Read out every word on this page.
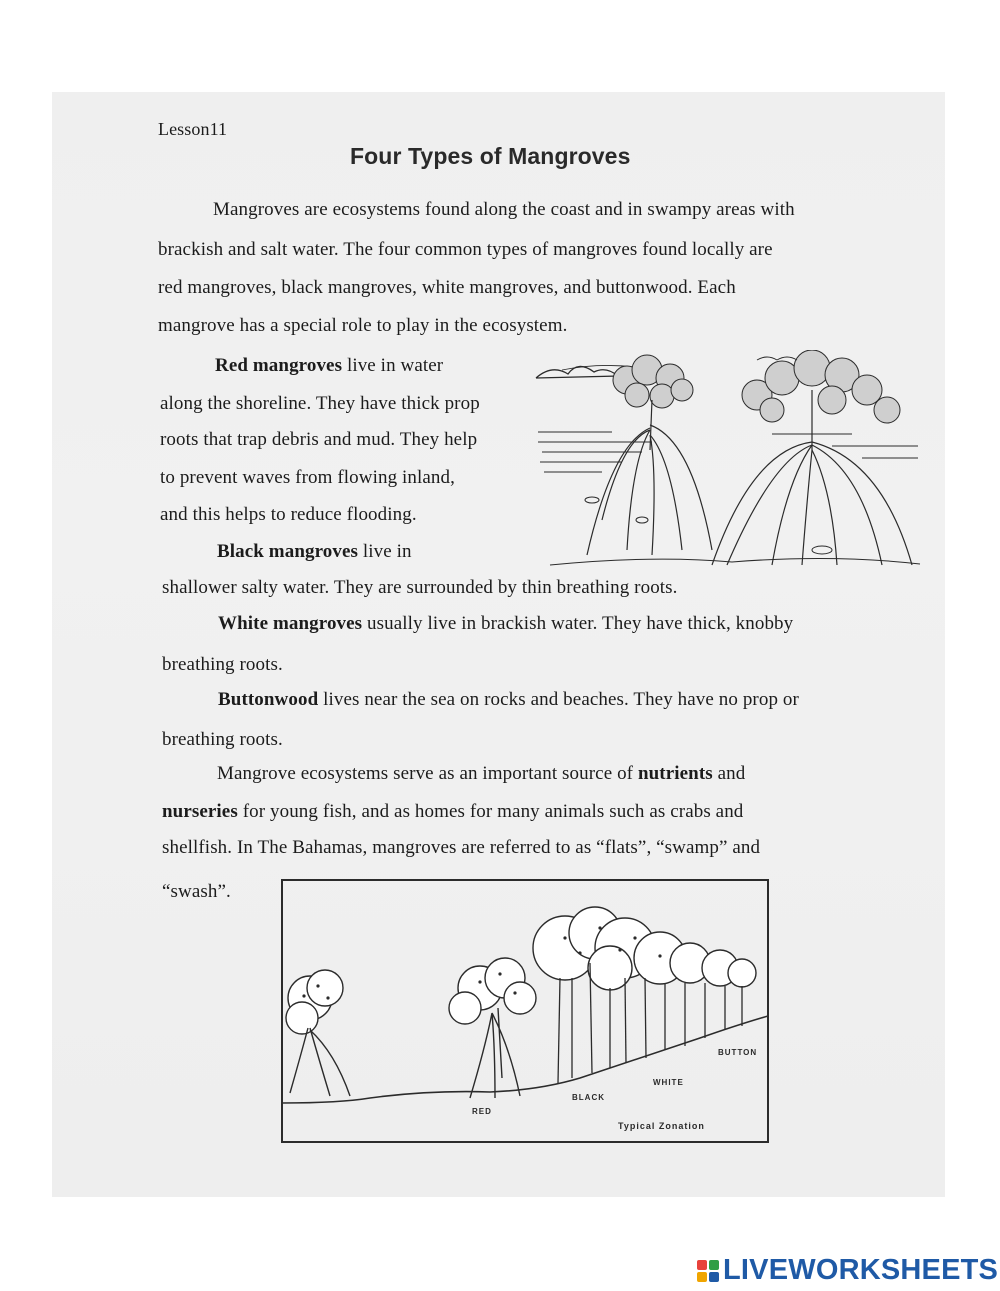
Lesson11
Four Types of Mangroves
Mangroves are ecosystems found along the coast and in swampy areas with
brackish and salt water. The four common types of mangroves found locally are
red mangroves, black mangroves, white mangroves, and buttonwood. Each
mangrove has a special role to play in the ecosystem.
Red mangroves live in water
along the shoreline. They have thick prop
roots that trap debris and mud. They help
to prevent waves from flowing inland,
and this helps to reduce flooding.
Black mangroves live in
shallower salty water. They are surrounded by thin breathing roots.
White mangroves usually live in brackish water. They have thick, knobby
breathing roots.
Buttonwood lives near the sea on rocks and beaches. They have no prop or
breathing roots.
Mangrove ecosystems serve as an important source of nutrients and
nurseries for young fish, and as homes for many animals such as crabs and
shellfish. In The Bahamas, mangroves are referred to as “flats”, “swamp” and
“swash”.
RED
BLACK
WHITE
BUTTON
Typical Zonation
LIVEWORKSHEETS
